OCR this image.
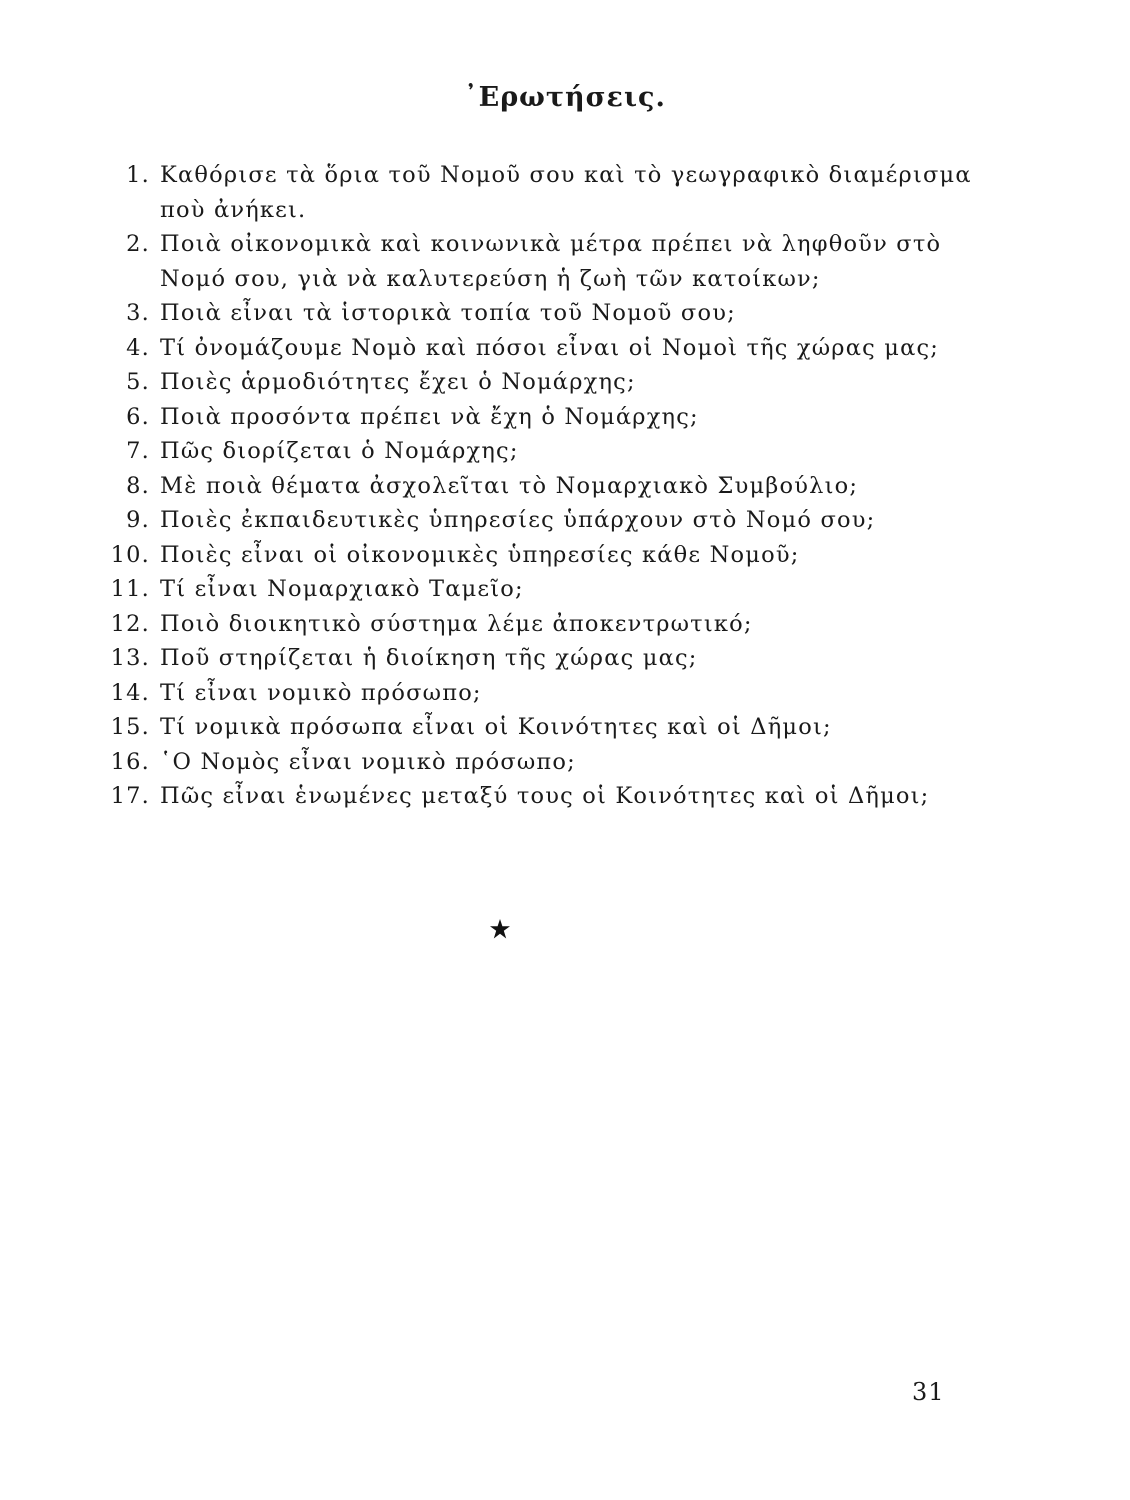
᾿Ερωτήσεις.
1. Καθόρισε τὰ ὅρια τοῦ Νομοῦ σου καὶ τὸ γεωγραφικὸ διαμέρισμα ποὺ ἀνήκει.
2. Ποιὰ οἰκονομικὰ καὶ κοινωνικὰ μέτρα πρέπει νὰ ληφθοῦν στὸ Νομό σου, γιὰ νὰ καλυτερεύση ἡ ζωὴ τῶν κατοίκων;
3. Ποιὰ εἶναι τὰ ἱστορικὰ τοπία τοῦ Νομοῦ σου;
4. Τί ὀνομάζουμε Νομὸ καὶ πόσοι εἶναι οἱ Νομοὶ τῆς χώρας μας;
5. Ποιὲς ἁρμοδιότητες ἔχει ὁ Νομάρχης;
6. Ποιὰ προσόντα πρέπει νὰ ἔχη ὁ Νομάρχης;
7. Πῶς διορίζεται ὁ Νομάρχης;
8. Μὲ ποιὰ θέματα ἀσχολεῖται τὸ Νομαρχιακὸ Συμβούλιο;
9. Ποιὲς ἐκπαιδευτικὲς ὑπηρεσίες ὑπάρχουν στὸ Νομό σου;
10. Ποιὲς εἶναι οἱ οἰκονομικὲς ὑπηρεσίες κάθε Νομοῦ;
11. Τί εἶναι Νομαρχιακὸ Ταμεῖο;
12. Ποιὸ διοικητικὸ σύστημα λέμε ἀποκεντρωτικό;
13. Ποῦ στηρίζεται ἡ διοίκηση τῆς χώρας μας;
14. Τί εἶναι νομικὸ πρόσωπο;
15. Τί νομικὰ πρόσωπα εἶναι οἱ Κοινότητες καὶ οἱ Δῆμοι;
16. ῾Ο Νομὸς εἶναι νομικὸ πρόσωπο;
17. Πῶς εἶναι ἑνωμένες μεταξύ τους οἱ Κοινότητες καὶ οἱ Δῆμοι;
31
